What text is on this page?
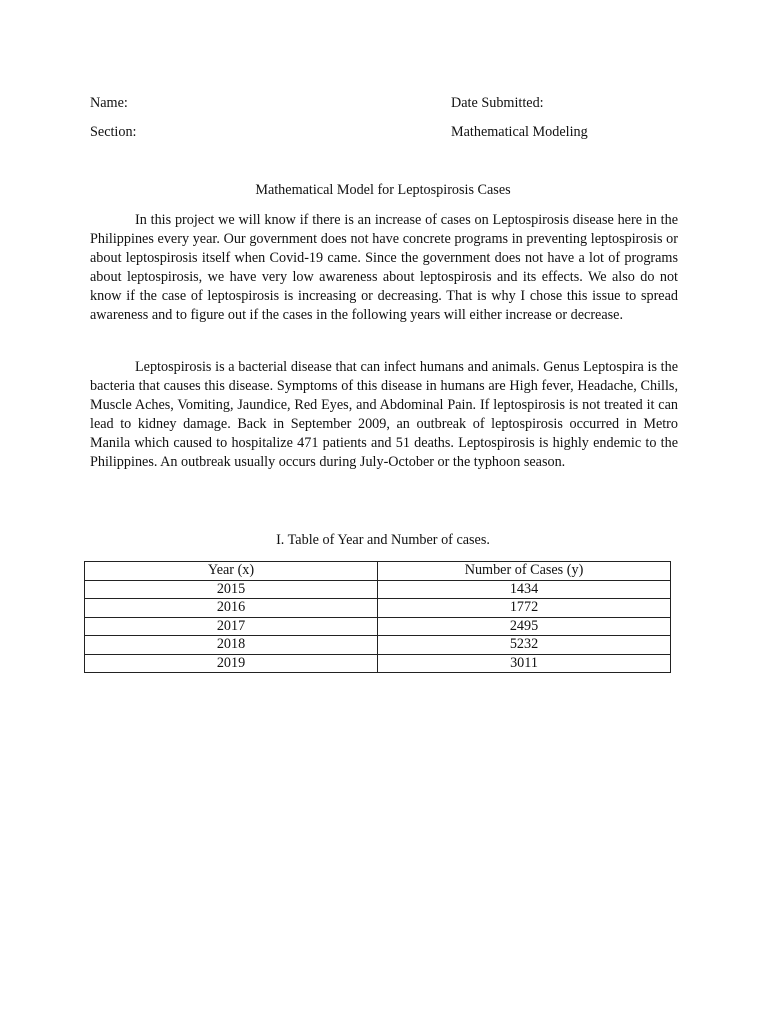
Name:
Section:
Date Submitted:
Mathematical Modeling
Mathematical Model for Leptospirosis Cases

In this project we will know if there is an increase of cases on Leptospirosis disease here in the Philippines every year. Our government does not have concrete programs in preventing leptospirosis or about leptospirosis itself when Covid-19 came. Since the government does not have a lot of programs about leptospirosis, we have very low awareness about leptospirosis and its effects. We also do not know if the case of leptospirosis is increasing or decreasing. That is why I chose this issue to spread awareness and to figure out if the cases in the following years will either increase or decrease.

Leptospirosis is a bacterial disease that can infect humans and animals. Genus Leptospira is the bacteria that causes this disease. Symptoms of this disease in humans are High fever, Headache, Chills, Muscle Aches, Vomiting, Jaundice, Red Eyes, and Abdominal Pain. If leptospirosis is not treated it can lead to kidney damage. Back in September 2009, an outbreak of leptospirosis occurred in Metro Manila which caused to hospitalize 471 patients and 51 deaths. Leptospirosis is highly endemic to the Philippines. An outbreak usually occurs during July-October or the typhoon season.

I. Table of Year and Number of cases.
Year (x)	Number of Cases (y)
2015	1434
2016	1772
2017	2495
2018	5232
2019	3011
